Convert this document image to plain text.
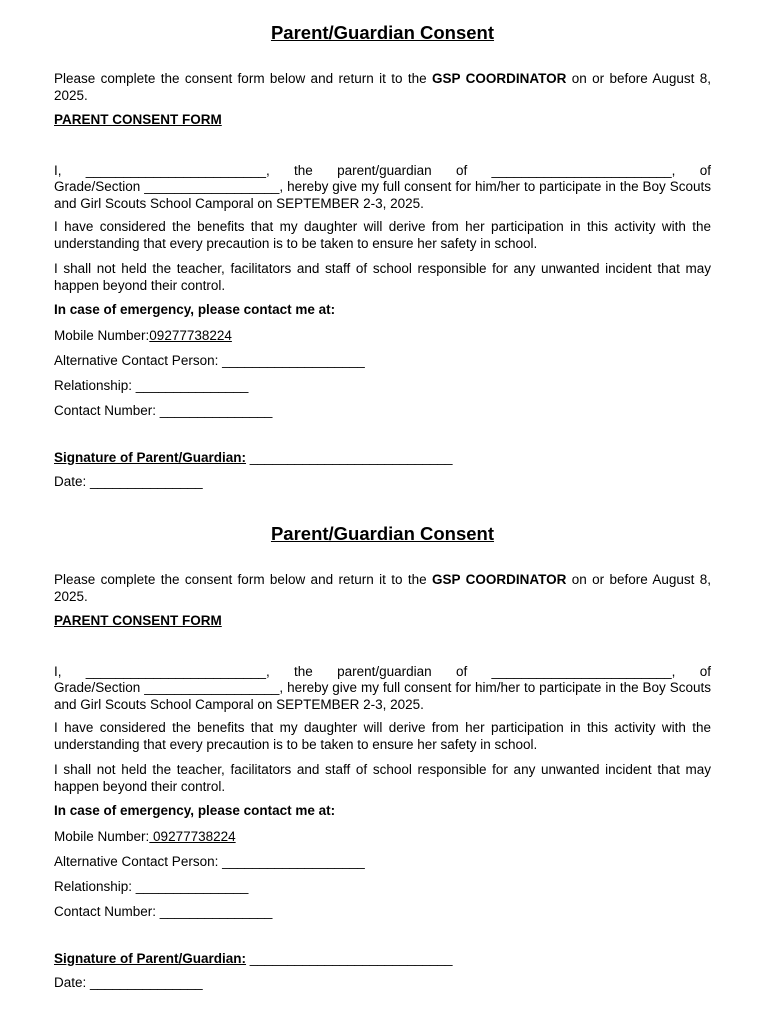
Parent/Guardian Consent
Please complete the consent form below and return it to the GSP COORDINATOR on or before August 8, 2025.
PARENT CONSENT FORM
I, ________________________, the parent/guardian of ________________________, of
Grade/Section __________________, hereby give my full consent for him/her to participate in the Boy Scouts and Girl Scouts School Camporal on SEPTEMBER 2-3, 2025.
I have considered the benefits that my daughter will derive from her participation in this activity with the understanding that every precaution is to be taken to ensure her safety in school.
I shall not held the teacher, facilitators and staff of school responsible for any unwanted incident that may happen beyond their control.
In case of emergency, please contact me at:
Mobile Number:09277738224
Alternative Contact Person: ___________________
Relationship: _______________
Contact Number: _______________
Signature of Parent/Guardian: ___________________________
Date: _______________
Parent/Guardian Consent
Please complete the consent form below and return it to the GSP COORDINATOR on or before August 8, 2025.
PARENT CONSENT FORM
I, ________________________, the parent/guardian of ________________________, of
Grade/Section __________________, hereby give my full consent for him/her to participate in the Boy Scouts and Girl Scouts School Camporal on SEPTEMBER 2-3, 2025.
I have considered the benefits that my daughter will derive from her participation in this activity with the understanding that every precaution is to be taken to ensure her safety in school.
I shall not held the teacher, facilitators and staff of school responsible for any unwanted incident that may happen beyond their control.
In case of emergency, please contact me at:
Mobile Number: 09277738224
Alternative Contact Person: ___________________
Relationship: _______________
Contact Number: _______________
Signature of Parent/Guardian: ___________________________
Date: _______________
